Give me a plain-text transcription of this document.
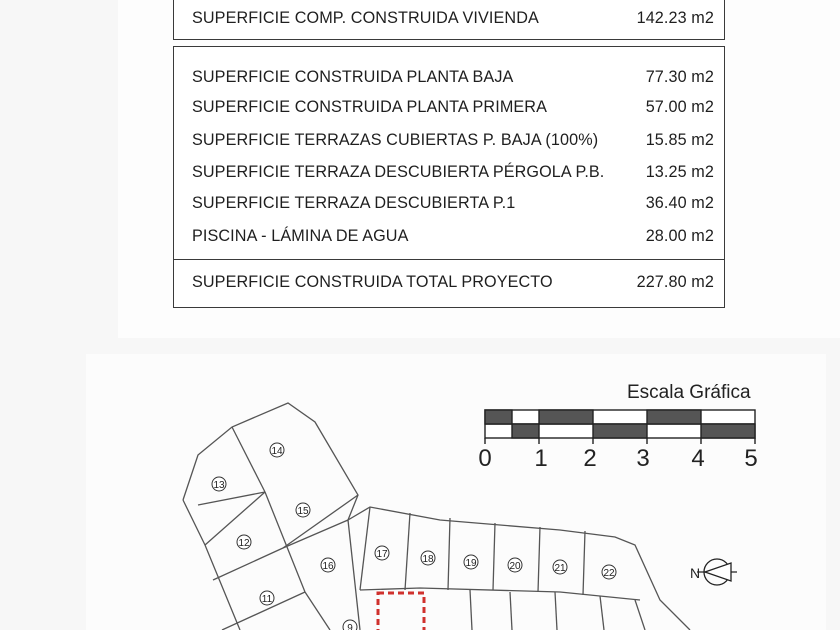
SUPERFICIE COMP. CONSTRUIDA VIVIENDA	142.23 m2
SUPERFICIE CONSTRUIDA PLANTA BAJA	77.30 m2
SUPERFICIE CONSTRUIDA PLANTA PRIMERA	57.00 m2
SUPERFICIE TERRAZAS CUBIERTAS P. BAJA (100%)	15.85 m2
SUPERFICIE TERRAZA DESCUBIERTA PÉRGOLA P.B.	13.25 m2
SUPERFICIE TERRAZA DESCUBIERTA P.1	36.40 m2
PISCINA - LÁMINA DE AGUA	28.00 m2
SUPERFICIE CONSTRUIDA TOTAL PROYECTO	227.80 m2
Escala Gráfica
0 1 2 3 4 5
N
14
13
15
12
16
11
9
17	18	19	20	21	22
